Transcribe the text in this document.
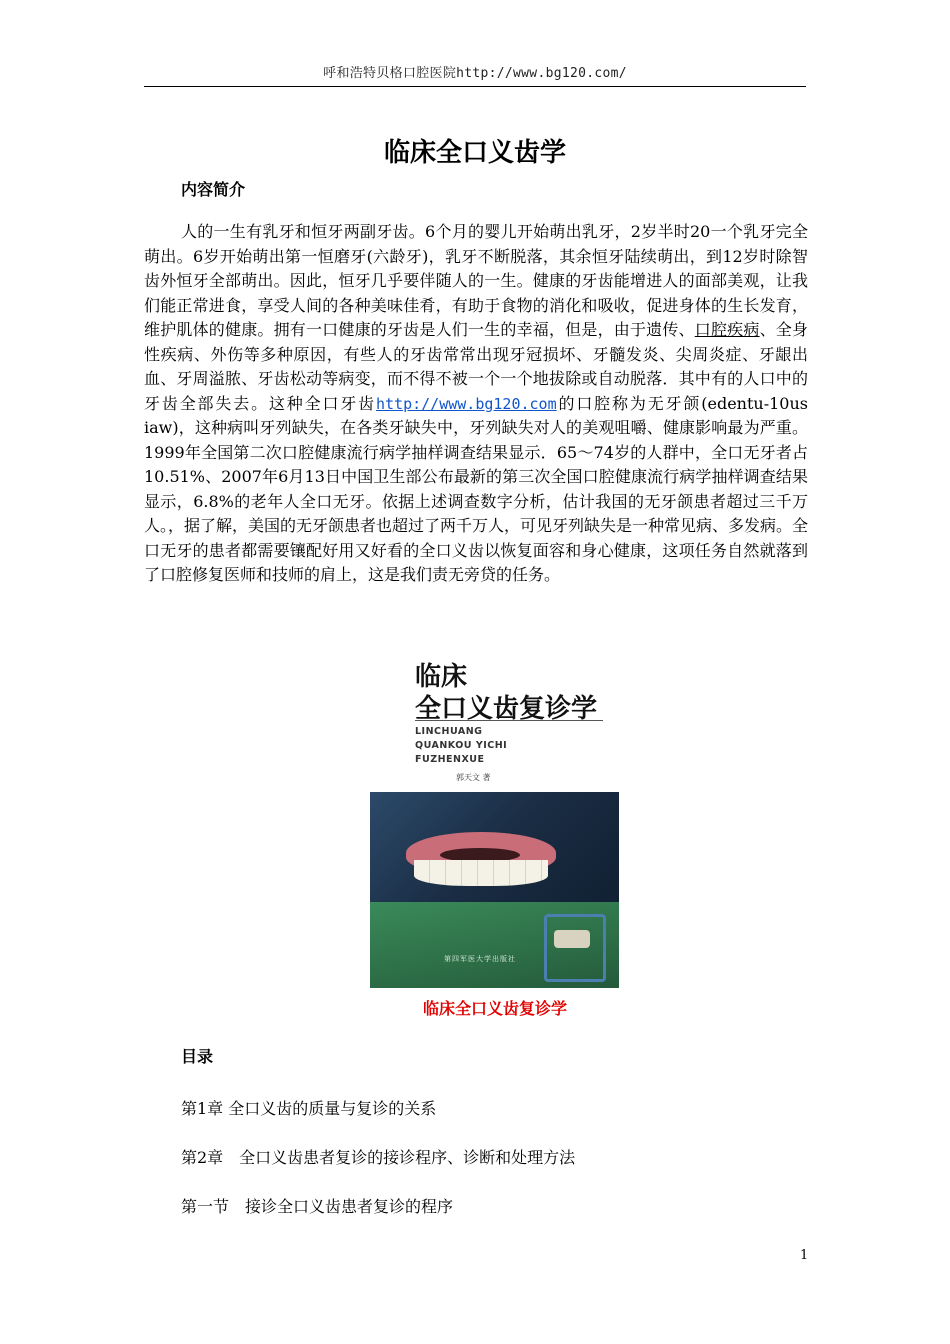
呼和浩特贝格口腔医院http://www.bg120.com/
临床全口义齿学
内容简介
人的一生有乳牙和恒牙两副牙齿。6个月的婴儿开始萌出乳牙，2岁半时20一个乳牙完全萌出。6岁开始萌出第一恒磨牙(六龄牙)，乳牙不断脱落，其余恒牙陆续萌出，到12岁时除智齿外恒牙全部萌出。因此，恒牙几乎要伴随人的一生。健康的牙齿能增进人的面部美观，让我们能正常进食，享受人间的各种美味佳肴，有助于食物的消化和吸收，促进身体的生长发育，维护肌体的健康。拥有一口健康的牙齿是人们一生的幸福，但是，由于遗传、口腔疾病、全身性疾病、外伤等多种原因，有些人的牙齿常常出现牙冠损坏、牙髓发炎、尖周炎症、牙龈出血、牙周溢脓、牙齿松动等病变，而不得不被一个一个地拔除或自动脱落．其中有的人口中的牙齿全部失去。这种全口牙齿http://www.bg120.com的口腔称为无牙颌(edentu-10us iaw)，这种病叫牙列缺失，在各类牙缺失中，牙列缺失对人的美观咀嚼、健康影响最为严重。1999年全国第二次口腔健康流行病学抽样调查结果显示．65～74岁的人群中，全口无牙者占10.51%、2007年6月13日中国卫生部公布最新的第三次全国口腔健康流行病学抽样调查结果显示，6.8%的老年人全口无牙。依据上述调查数字分析，估计我国的无牙颌患者超过三千万人。，据了解，美国的无牙颌患者也超过了两千万人，可见牙列缺失是一种常见病、多发病。全口无牙的患者都需要镶配好用又好看的全口义齿以恢复面容和身心健康，这项任务自然就落到了口腔修复医师和技师的肩上，这是我们责无旁贷的任务。
临床
全口义齿复诊学
LINCHUANG
QUANKOU YICHI
FUZHENXUE
郭天文 著
第四军医大学出版社
临床全口义齿复诊学
目录
第1章 全口义齿的质量与复诊的关系
第2章　全口义齿患者复诊的接诊程序、诊断和处理方法
第一节　接诊全口义齿患者复诊的程序
1
